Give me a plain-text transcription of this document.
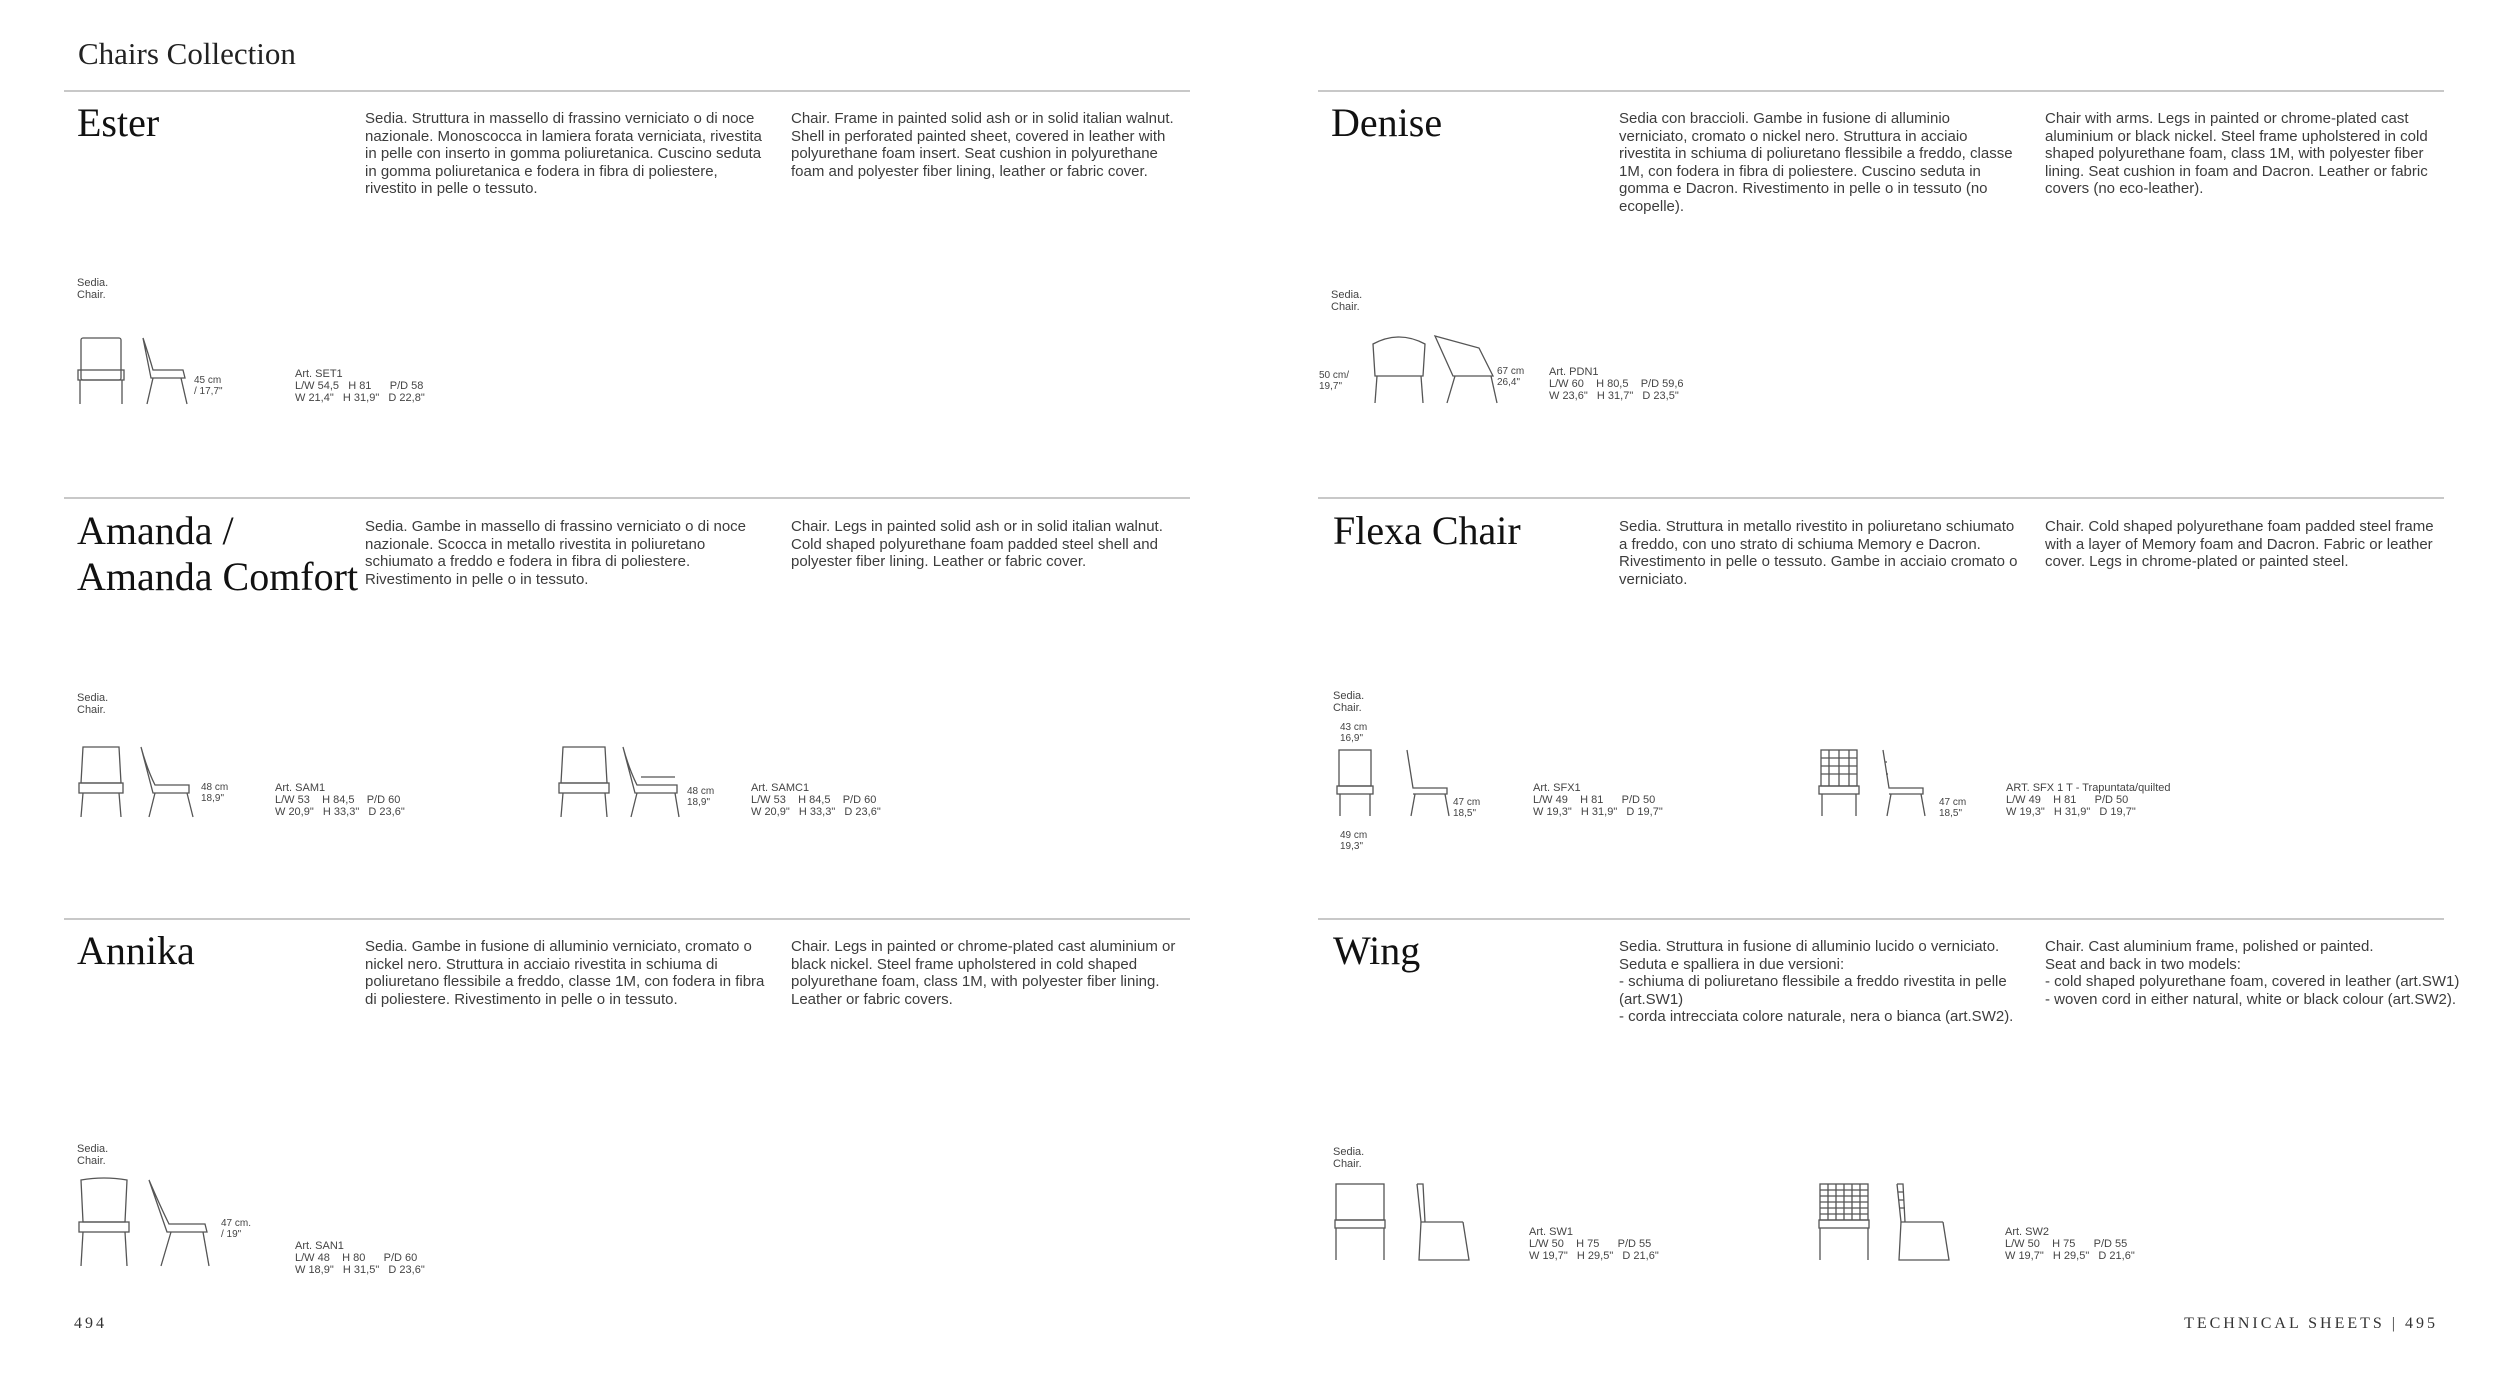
Chairs Collection
Ester	Sedia. Struttura in massello di frassino verniciato o di noce nazionale. Monoscocca in lamiera forata verniciata, rivestita in pelle con inserto in gomma poliuretanica. Cuscino seduta in gomma poliuretanica e fodera in fibra di poliestere, rivestito in pelle o tessuto.
Chair. Frame in painted solid ash or in solid italian walnut. Shell in perforated painted sheet, covered in leather with polyurethane foam insert. Seat cushion in polyurethane foam and polyester fiber lining, leather or fabric cover.
Sedia.
Chair.
45 cm
/ 17,7"
Art. SET1
L/W 54,5   H 81      P/D 58
W 21,4"   H 31,9"   D 22,8"
Denise	Sedia con braccioli. Gambe in fusione di alluminio verniciato, cromato o nickel nero. Struttura in acciaio rivestita in schiuma di poliuretano flessibile a freddo, classe 1M, con fodera in fibra di poliestere. Cuscino seduta in gomma e Dacron. Rivestimento in pelle o in tessuto (no ecopelle).
Chair with arms. Legs in painted or chrome-plated cast aluminium or black nickel. Steel frame upholstered in cold shaped polyurethane foam, class 1M, with polyester fiber lining. Seat cushion in foam and Dacron. Leather or fabric covers (no eco-leather).
Sedia.
Chair.
50 cm/
19,7"
67 cm
26,4"
Art. PDN1
L/W 60    H 80,5    P/D 59,6
W 23,6"   H 31,7"   D 23,5"
Amanda /
Amanda Comfort
Sedia. Gambe in massello di frassino verniciato o di noce nazionale. Scocca in metallo rivestita in poliuretano schiumato a freddo e fodera in fibra di poliestere. Rivestimento in pelle o in tessuto.
Chair. Legs in painted solid ash or in solid italian walnut. Cold shaped polyurethane foam padded steel shell and polyester fiber lining. Leather or fabric cover.
Sedia.
Chair.
48 cm
18,9"
Art. SAM1
L/W 53    H 84,5    P/D 60
W 20,9"   H 33,3"   D 23,6"
48 cm
18,9"
Art. SAMC1
L/W 53    H 84,5    P/D 60
W 20,9"   H 33,3"   D 23,6"
Flexa Chair	Sedia. Struttura in metallo rivestito in poliuretano schiumato a freddo, con uno strato di schiuma Memory e Dacron. Rivestimento in pelle o tessuto. Gambe in acciaio cromato o verniciato.
Chair. Cold shaped polyurethane foam padded steel frame with a layer of Memory foam and Dacron. Fabric or leather cover. Legs in chrome-plated or painted steel.
Sedia.
Chair.
43 cm
16,9"
49 cm
19,3"
47 cm
18,5"
Art. SFX1
L/W 49    H 81      P/D 50
W 19,3"   H 31,9"   D 19,7"
47 cm
18,5"
ART. SFX 1 T - Trapuntata/quilted
L/W 49    H 81      P/D 50
W 19,3"   H 31,9"   D 19,7"
Annika	Sedia. Gambe in fusione di alluminio verniciato, cromato o nickel nero. Struttura in acciaio rivestita in schiuma di poliuretano flessibile a freddo, classe 1M, con fodera in fibra di poliestere. Rivestimento in pelle o in tessuto.
Chair. Legs in painted or chrome-plated cast aluminium or black nickel. Steel frame upholstered in cold shaped polyurethane foam, class 1M, with polyester fiber lining. Leather or fabric covers.
Sedia.
Chair.
47 cm.
/ 19"
Art. SAN1
L/W 48    H 80      P/D 60
W 18,9"   H 31,5"   D 23,6"
Wing	Sedia. Struttura in fusione di alluminio lucido o verniciato.
Seduta e spalliera in due versioni:
- schiuma di poliuretano flessibile a freddo rivestita in pelle (art.SW1)
- corda intrecciata colore naturale, nera o bianca (art.SW2).
Chair. Cast aluminium frame, polished or painted.
Seat and back in two models:
- cold shaped polyurethane foam, covered in leather (art.SW1)
- woven cord in either natural, white or black colour (art.SW2).
Sedia.
Chair.
Art. SW1
L/W 50    H 75      P/D 55
W 19,7"   H 29,5"   D 21,6"
Art. SW2
L/W 50    H 75      P/D 55
W 19,7"   H 29,5"   D 21,6"
494	TECHNICAL SHEETS | 495
